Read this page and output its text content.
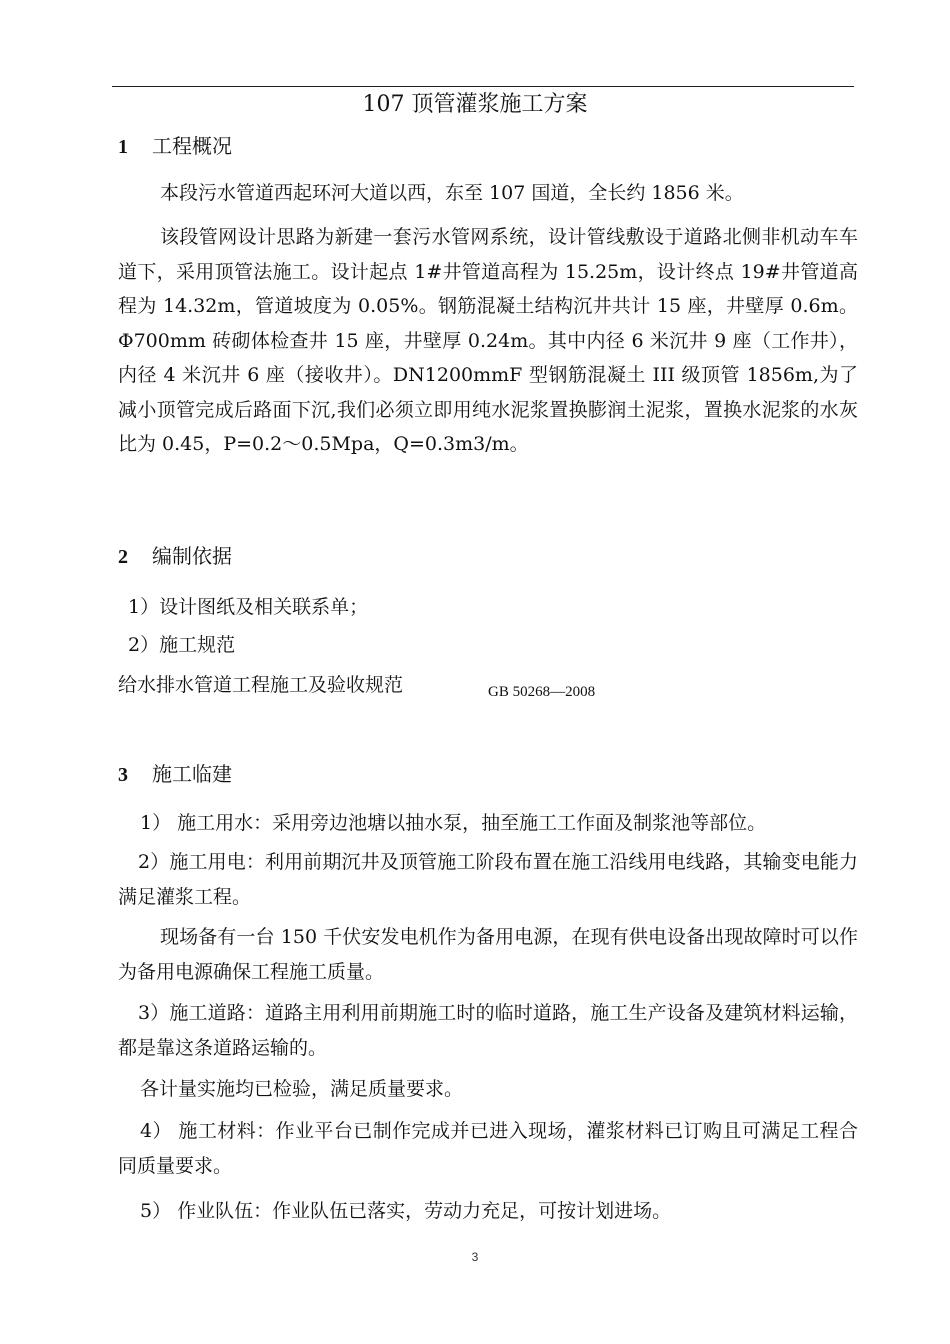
107 顶管灌浆施工方案
1 工程概况
本段污水管道西起环河大道以西，东至 107 国道，全长约 1856 米。
该段管网设计思路为新建一套污水管网系统，设计管线敷设于道路北侧非机动车车道下，采用顶管法施工。设计起点 1#井管道高程为 15.25m，设计终点 19#井管道高程为 14.32m，管道坡度为 0.05%。钢筋混凝土结构沉井共计 15 座，井壁厚 0.6m。Φ700mm 砖砌体检查井 15 座，井壁厚 0.24m。其中内径 6 米沉井 9 座（工作井），内径 4 米沉井 6 座（接收井）。DN1200mmF 型钢筋混凝土 III 级顶管 1856m,为了减小顶管完成后路面下沉,我们必须立即用纯水泥浆置换膨润土泥浆，置换水泥浆的水灰比为 0.45，P=0.2～0.5Mpa，Q=0.3m3/m。
2 编制依据
1）设计图纸及相关联系单；
2）施工规范
给水排水管道工程施工及验收规范	GB 50268—2008
3 施工临建
1） 施工用水：采用旁边池塘以抽水泵，抽至施工工作面及制浆池等部位。
2）施工用电：利用前期沉井及顶管施工阶段布置在施工沿线用电线路，其输变电能力满足灌浆工程。
现场备有一台 150 千伏安发电机作为备用电源，在现有供电设备出现故障时可以作为备用电源确保工程施工质量。
3）施工道路：道路主用利用前期施工时的临时道路，施工生产设备及建筑材料运输，都是靠这条道路运输的。
各计量实施均已检验，满足质量要求。
4） 施工材料：作业平台已制作完成并已进入现场，灌浆材料已订购且可满足工程合同质量要求。
5） 作业队伍：作业队伍已落实，劳动力充足，可按计划进场。
3
